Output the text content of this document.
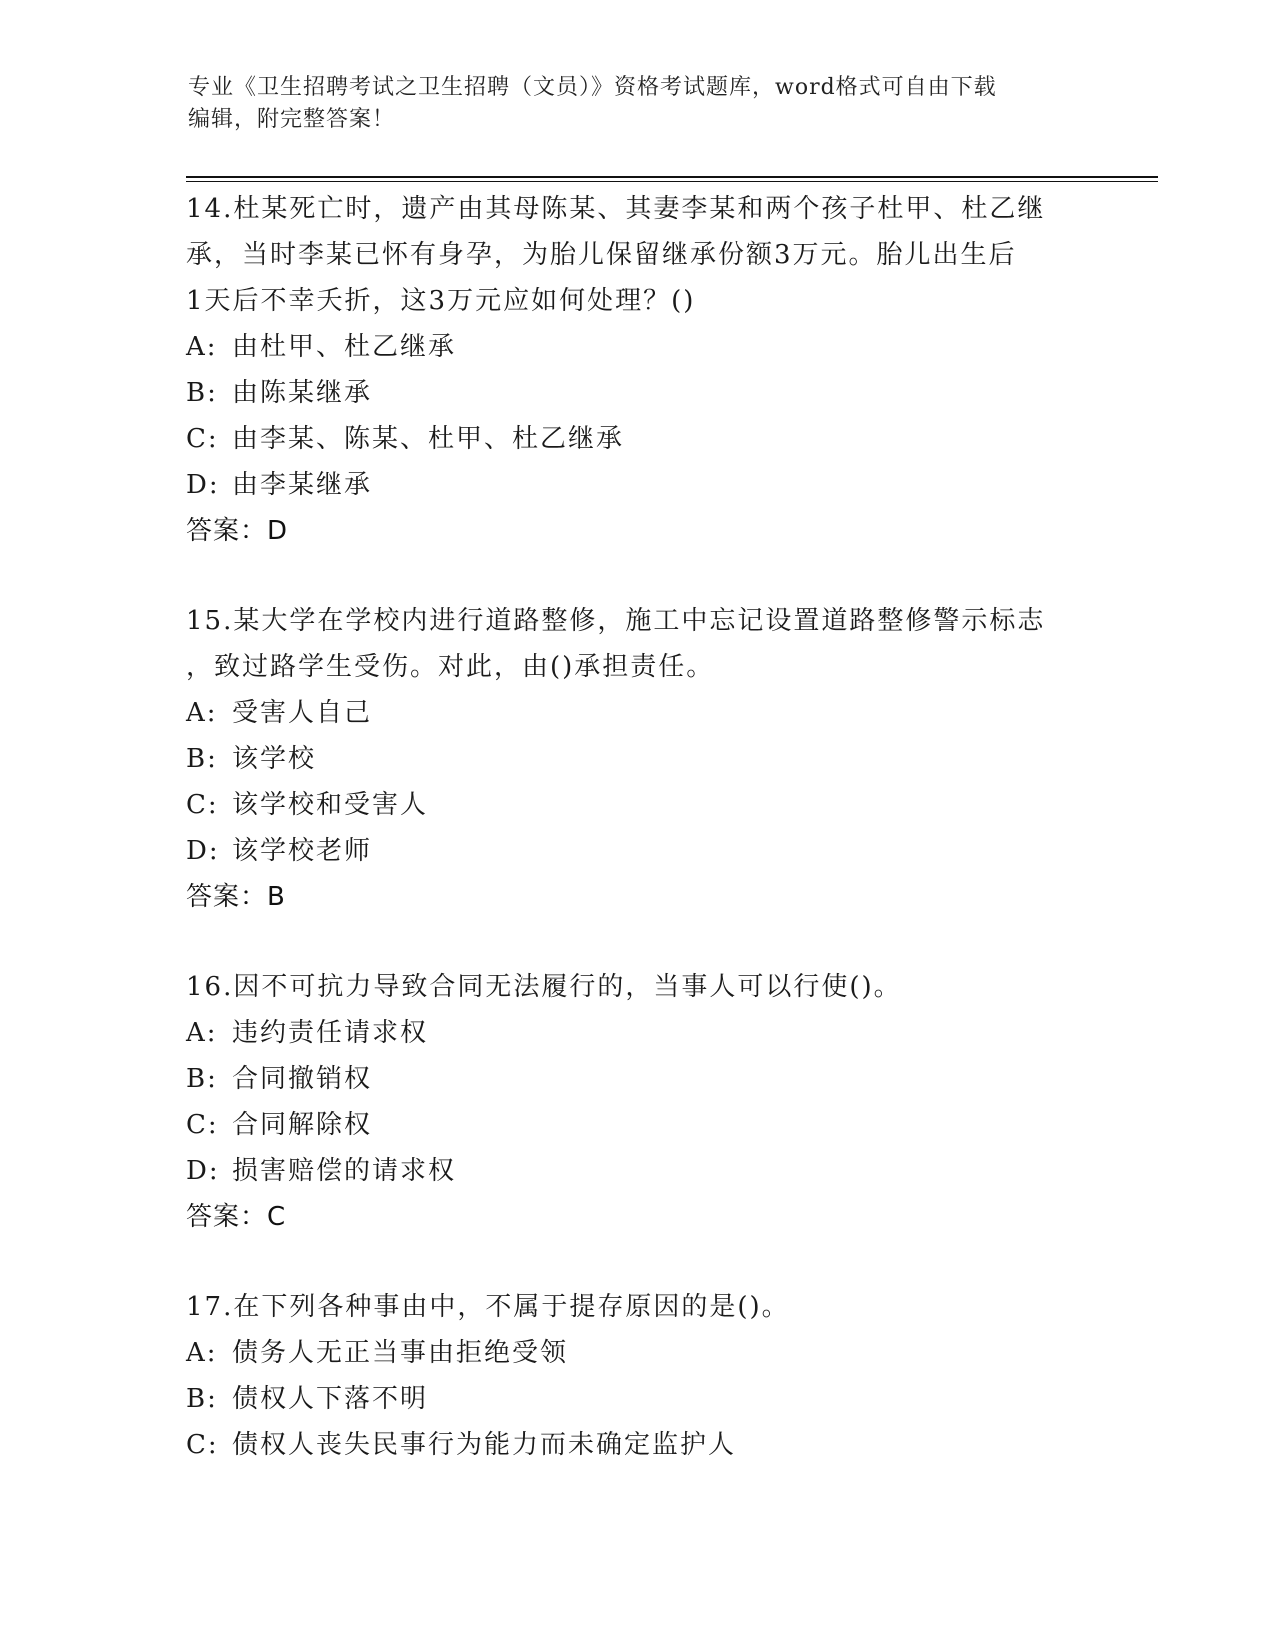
专业《卫生招聘考试之卫生招聘（文员）》资格考试题库，word格式可自由下载
编辑，附完整答案！

14.杜某死亡时，遗产由其母陈某、其妻李某和两个孩子杜甲、杜乙继

承，当时李某已怀有身孕，为胎儿保留继承份额3万元。胎儿出生后

1天后不幸夭折，这3万元应如何处理？()

A: 由杜甲、杜乙继承

B: 由陈某继承

C: 由李某、陈某、杜甲、杜乙继承

D: 由李某继承

答案：D

15.某大学在学校内进行道路整修，施工中忘记设置道路整修警示标志

，致过路学生受伤。对此，由()承担责任。

A: 受害人自己

B: 该学校

C: 该学校和受害人

D: 该学校老师

答案：B

16.因不可抗力导致合同无法履行的，当事人可以行使()。

A: 违约责任请求权

B: 合同撤销权

C: 合同解除权

D: 损害赔偿的请求权

答案：C

17.在下列各种事由中，不属于提存原因的是()。

A: 债务人无正当事由拒绝受领

B: 债权人下落不明

C: 债权人丧失民事行为能力而未确定监护人
